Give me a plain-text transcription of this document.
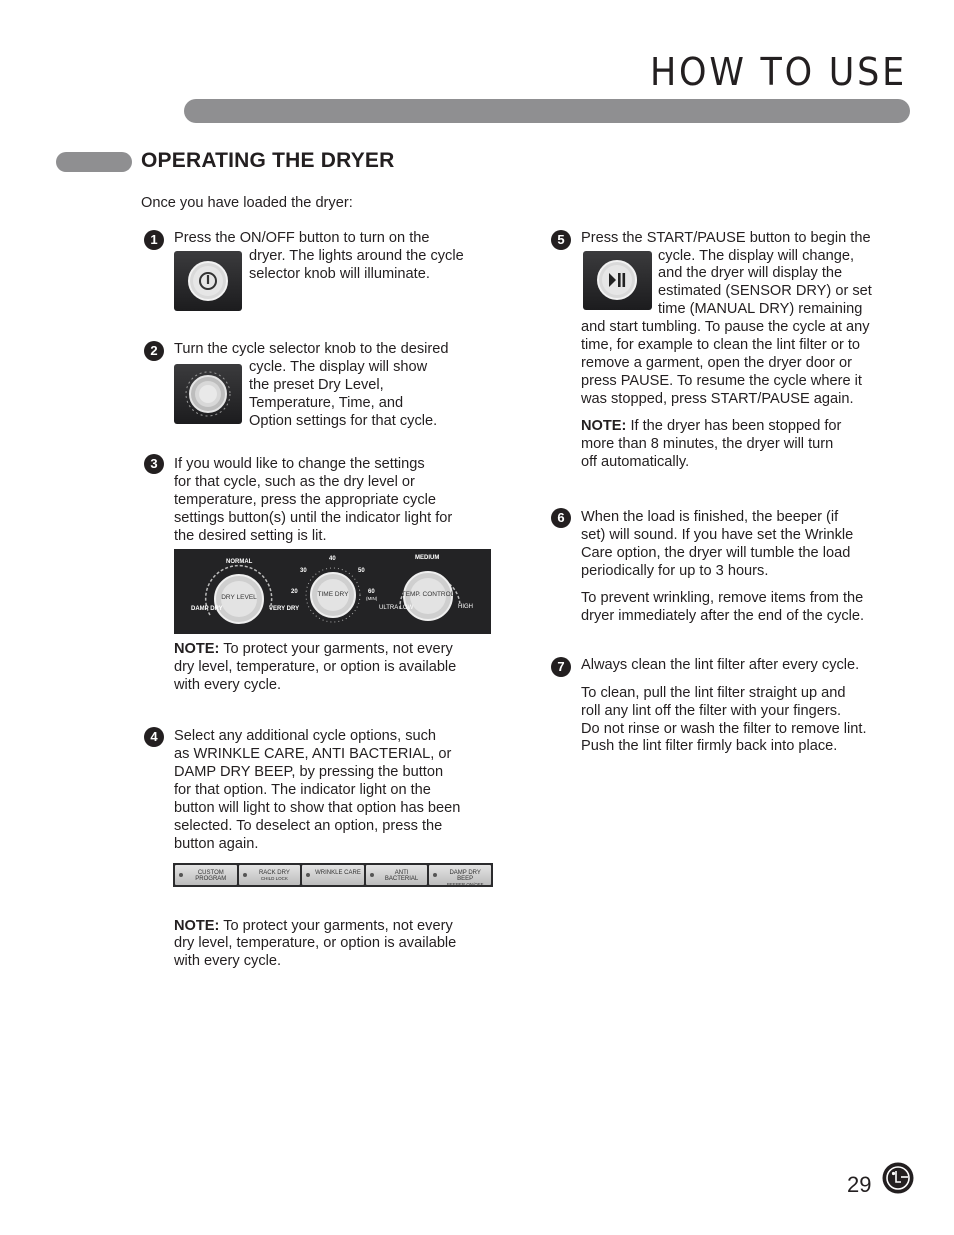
HOW TO USE
OPERATING THE DRYER
Once you have loaded the dryer:
1	Press the ON/OFF button to turn on the
dryer. The lights around the cycle
selector knob will illuminate.
2	Turn the cycle selector knob to the desired
cycle. The display will show
the preset Dry Level,
Temperature, Time, and
Option settings for that cycle.
3	If you would like to change the settings
for that cycle, such as the dry level or
temperature, press the appropriate cycle
settings button(s) until the indicator light for
the desired setting is lit.
NORMAL
DAMP DRY	VERY DRY
DRY LEVEL
40
30	50
20	60
(MIN)
TIME DRY
MEDIUM
ULTRA LOW	HIGH
TEMP. CONTROL
NOTE: To protect your garments, not every
dry level, temperature, or option is available
with every cycle.
4	Select any additional cycle options, such
as WRINKLE CARE, ANTI BACTERIAL, or
DAMP DRY BEEP, by pressing the button
for that option. The indicator light on the
button will light to show that option has been
selected. To deselect an option, press the
button again.
CUSTOM PROGRAM
RACK DRY
CHILD LOCK
WRINKLE CARE	ANTI BACTERIAL
DAMP DRY BEEP
BEEPER ON/OFF
NOTE: To protect your garments, not every
dry level, temperature, or option is available
with every cycle.
5	Press the START/PAUSE button to begin the
cycle. The display will change,
and the dryer will display the
estimated (SENSOR DRY) or set
time (MANUAL DRY) remaining
and start tumbling. To pause the cycle at any
time, for example to clean the lint filter or to
remove a garment, open the dryer door or
press PAUSE. To resume the cycle where it
was stopped, press START/PAUSE again.
NOTE: If the dryer has been stopped for
more than 8 minutes, the dryer will turn
off automatically.
6	When the load is finished, the beeper (if
set) will sound. If you have set the Wrinkle
Care option, the dryer will tumble the load
periodically for up to 3 hours.
To prevent wrinkling, remove items from the
dryer immediately after the end of the cycle.
7	Always clean the lint filter after every cycle.
To clean, pull the lint filter straight up and
roll any lint off the filter with your fingers.
Do not rinse or wash the filter to remove lint.
Push the lint filter firmly back into place.
29
